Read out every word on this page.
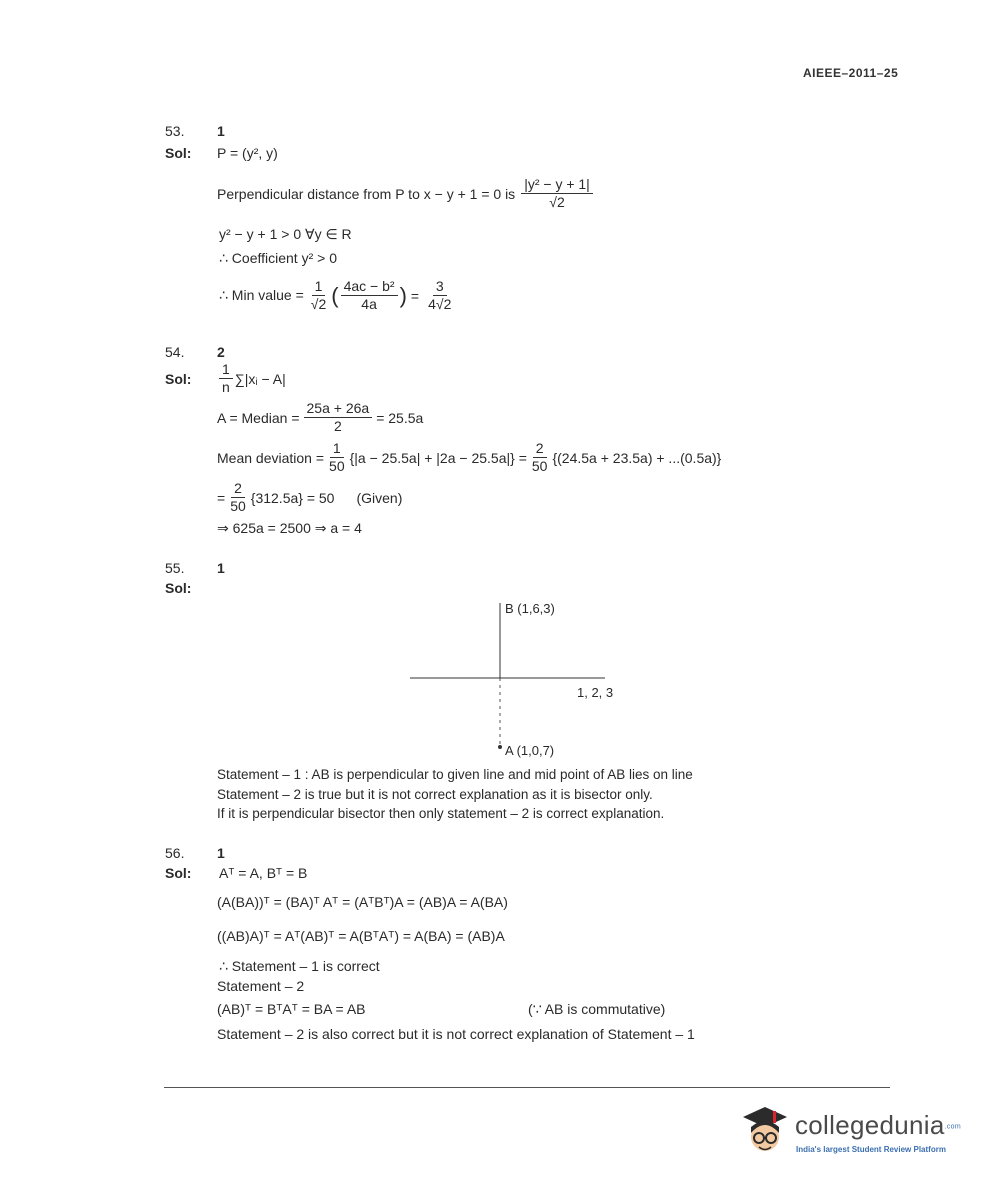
AIEEE–2011–25
53. 1
Sol: P = (y², y)
Perpendicular distance from P to x − y + 1 = 0 is $\frac{\text{|y² − y + 1|}}{√2}$
y² − y + 1 > 0 ∀y ∈ R
∴ Coefficient y² > 0
∴ Min value = $\frac{1}{√2}$ ( $\frac{\text{4ac − b²}}{4a}$ ) = $\frac{3}{4√2}$
54. 2
Sol: $\frac{1}{n}$ ∑|xᵢ − A|
A = Median = $\frac{25a + 26a}{2} = 25.5a$
Mean deviation = $\frac{1}{50} \{|a - 25.5a| + |2a - 25.5a|\} = \frac{2}{50} \{(24.5a + 23.5a) + ...(0.5a)\}$
= $\frac{2}{50} \{312.5a\} = 50$ (Given)
⇒ 625a = 2500 ⇒ a = 4
55. 1
Sol:
B (1,6,3)
1, 2, 3
A (1,0,7)
Statement – 1 : AB is perpendicular to given line and mid point of AB lies on line
Statement – 2 is true but it is not correct explanation as it is bisector only.
If it is perpendicular bisector then only statement – 2 is correct explanation.
56. 1
Sol: Aᵀ = A, Bᵀ = B
(A(BA))ᵀ = (BA)ᵀ Aᵀ = (AᵀBᵀ)A = (AB)A = A(BA)
((AB)A)ᵀ = Aᵀ(AB)ᵀ = A(BᵀAᵀ) = A(BA) = (AB)A
∴ Statement – 1 is correct
Statement – 2
(AB)ᵀ = BᵀAᵀ = BA = AB	(∵ AB is commutative)
Statement – 2 is also correct but it is not correct explanation of Statement – 1
collegedunia.com
India's largest Student Review Platform
